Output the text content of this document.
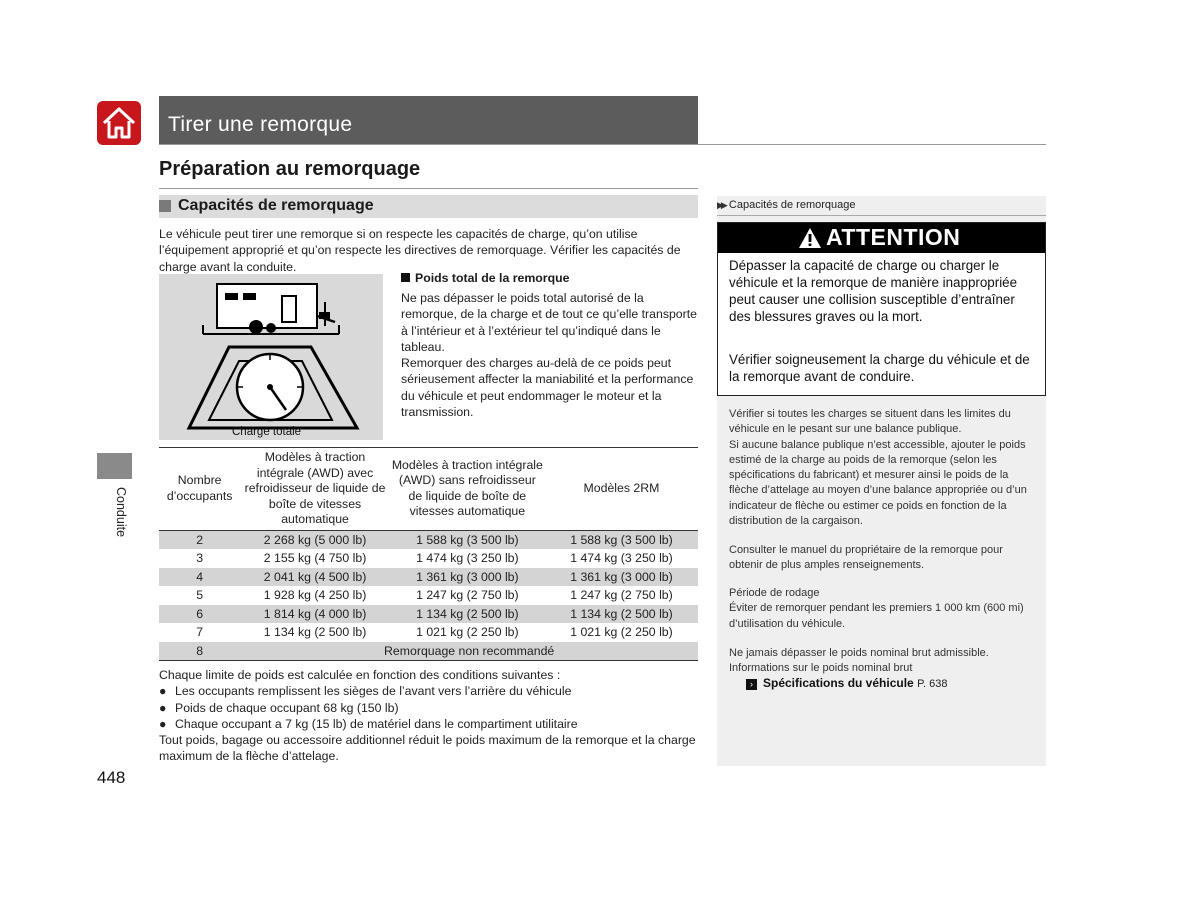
Tirer une remorque
Préparation au remorquage
Capacités de remorquage
Le véhicule peut tirer une remorque si on respecte les capacités de charge, qu’on utilise l’équipement approprié et qu’on respecte les directives de remorquage. Vérifier les capacités de charge avant la conduite.
Charge totale
Poids total de la remorque
Ne pas dépasser le poids total autorisé de la remorque, de la charge et de tout ce qu’elle transporte à l’intérieur et à l’extérieur tel qu’indiqué dans le tableau.
Remorquer des charges au-delà de ce poids peut sérieusement affecter la maniabilité et la performance du véhicule et peut endommager le moteur et la transmission.
Nombre d’occupants	Modèles à traction intégrale (AWD) avec refroidisseur de liquide de boîte de vitesses automatique	Modèles à traction intégrale (AWD) sans refroidisseur de liquide de boîte de vitesses automatique	Modèles 2RM
2	2 268 kg (5 000 lb)	1 588 kg (3 500 lb)	1 588 kg (3 500 lb)
3	2 155 kg (4 750 lb)	1 474 kg (3 250 lb)	1 474 kg (3 250 lb)
4	2 041 kg (4 500 lb)	1 361 kg (3 000 lb)	1 361 kg (3 000 lb)
5	1 928 kg (4 250 lb)	1 247 kg (2 750 lb)	1 247 kg (2 750 lb)
6	1 814 kg (4 000 lb)	1 134 kg (2 500 lb)	1 134 kg (2 500 lb)
7	1 134 kg (2 500 lb)	1 021 kg (2 250 lb)	1 021 kg (2 250 lb)
8	Remorquage non recommandé		
Chaque limite de poids est calculée en fonction des conditions suivantes :
● Les occupants remplissent les sièges de l’avant vers l’arrière du véhicule
● Poids de chaque occupant 68 kg (150 lb)
● Chaque occupant a 7 kg (15 lb) de matériel dans le compartiment utilitaire
Tout poids, bagage ou accessoire additionnel réduit le poids maximum de la remorque et la charge maximum de la flèche d’attelage.
448
Conduite
▶▶ Capacités de remorquage
ATTENTION
Dépasser la capacité de charge ou charger le véhicule et la remorque de manière inappropriée peut causer une collision susceptible d’entraîner des blessures graves ou la mort.
Vérifier soigneusement la charge du véhicule et de la remorque avant de conduire.
Vérifier si toutes les charges se situent dans les limites du véhicule en le pesant sur une balance publique.
Si aucune balance publique n’est accessible, ajouter le poids estimé de la charge au poids de la remorque (selon les spécifications du fabricant) et mesurer ainsi le poids de la flèche d’attelage au moyen d’une balance appropriée ou d’un indicateur de flèche ou estimer ce poids en fonction de la distribution de la cargaison.
Consulter le manuel du propriétaire de la remorque pour obtenir de plus amples renseignements.
Période de rodage
Éviter de remorquer pendant les premiers 1 000 km (600 mi) d’utilisation du véhicule.
Ne jamais dépasser le poids nominal brut admissible.
Informations sur le poids nominal brut
› Spécifications du véhicule P. 638
